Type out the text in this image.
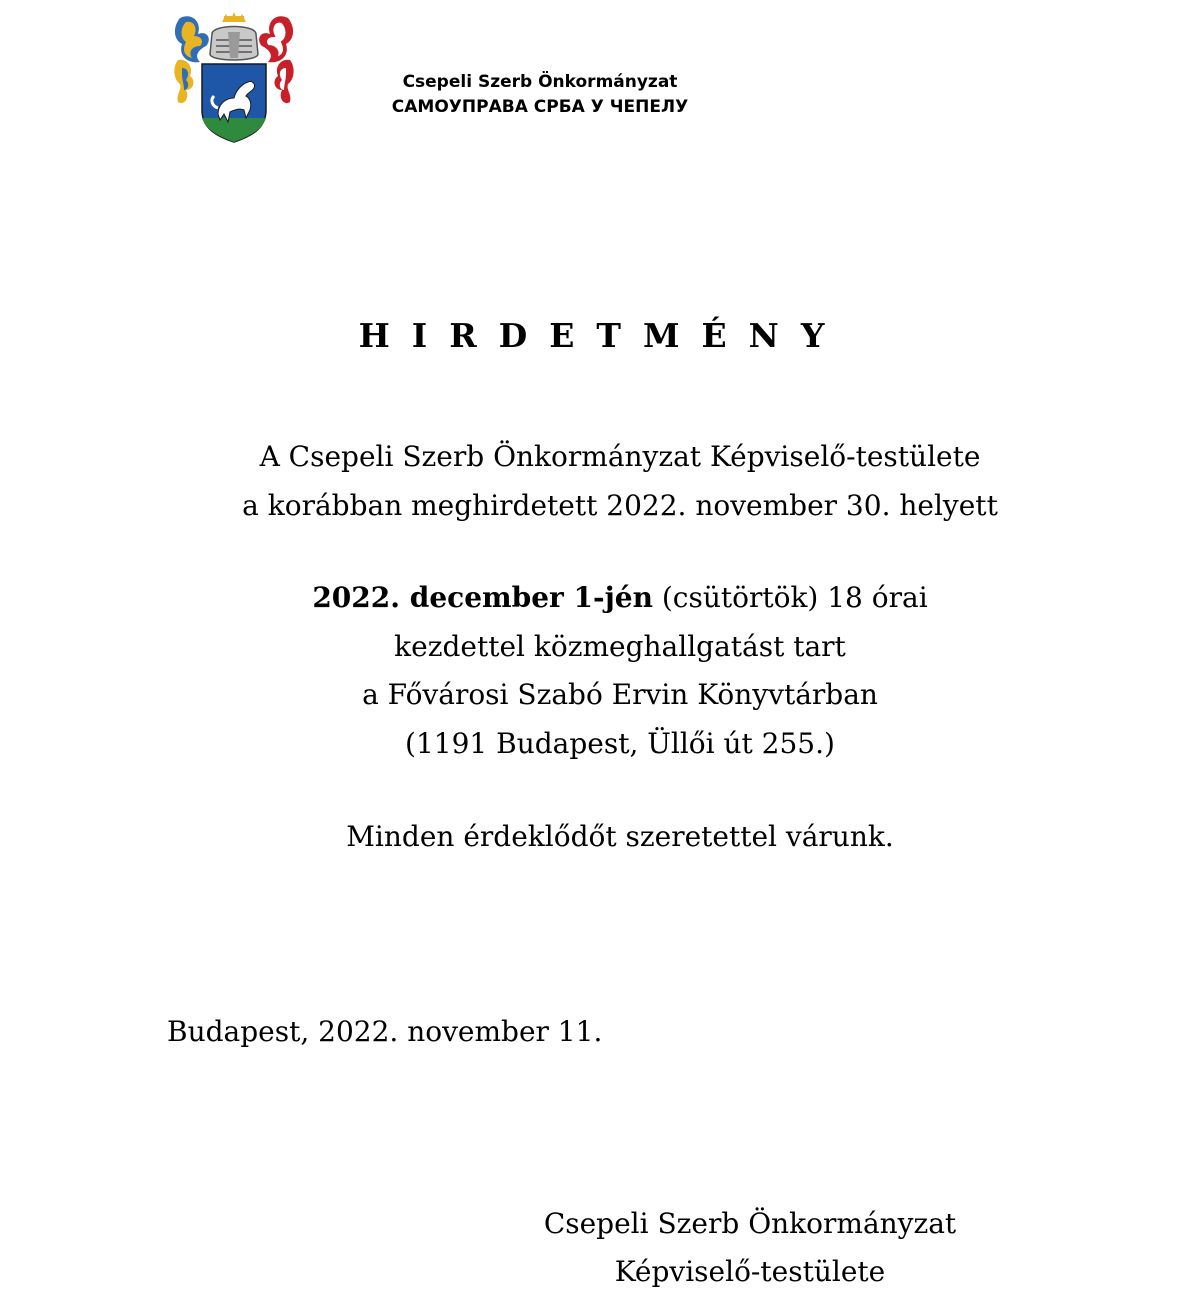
Csepeli Szerb Önkormányzat
САМОУПРАВА СРБА У ЧЕПЕЛУ
HIRDETMÉNY
A Csepeli Szerb Önkormányzat Képviselő-testülete
a korábban meghirdetett 2022. november 30. helyett
2022. december 1-jén (csütörtök) 18 órai
kezdettel közmeghallgatást tart
a Fővárosi Szabó Ervin Könyvtárban
(1191 Budapest, Üllői út 255.)
Minden érdeklődőt szeretettel várunk.
Budapest, 2022. november 11.
Csepeli Szerb Önkormányzat
Képviselő-testülete
